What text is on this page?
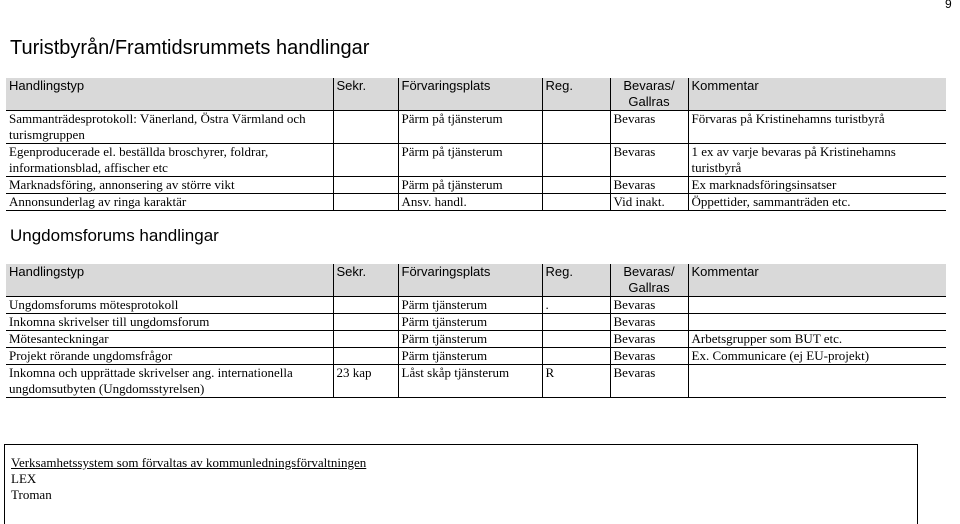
9
Turistbyrån/Framtidsrummets handlingar
Handlingstyp	Sekr.	Förvaringsplats	Reg.	Bevaras/ Gallras	Kommentar
Sammanträdesprotokoll: Vänerland, Östra Värmland och turismgruppen		Pärm på tjänsterum		Bevaras	Förvaras på Kristinehamns turistbyrå
Egenproducerade el. beställda broschyrer, foldrar, informationsblad, affischer etc		Pärm på tjänsterum		Bevaras	1 ex av varje bevaras på Kristinehamns turistbyrå
Marknadsföring, annonsering av större vikt		Pärm på tjänsterum		Bevaras	Ex marknadsföringsinsatser
Annonsunderlag av ringa karaktär		Ansv. handl.		Vid inakt.	Öppettider, sammanträden etc.
Ungdomsforums handlingar
Handlingstyp	Sekr.	Förvaringsplats	Reg.	Bevaras/ Gallras	Kommentar
Ungdomsforums mötesprotokoll		Pärm tjänsterum	.	Bevaras	
Inkomna skrivelser till ungdomsforum		Pärm tjänsterum		Bevaras	
Mötesanteckningar		Pärm tjänsterum		Bevaras	Arbetsgrupper som BUT etc.
Projekt rörande ungdomsfrågor		Pärm tjänsterum		Bevaras	Ex. Communicare (ej EU-projekt)
Inkomna och upprättade skrivelser ang. internationella ungdomsutbyten (Ungdomsstyrelsen)	23 kap	Låst skåp tjänsterum	R	Bevaras	
Verksamhetssystem som förvaltas av kommunledningsförvaltningen
LEX
Troman
